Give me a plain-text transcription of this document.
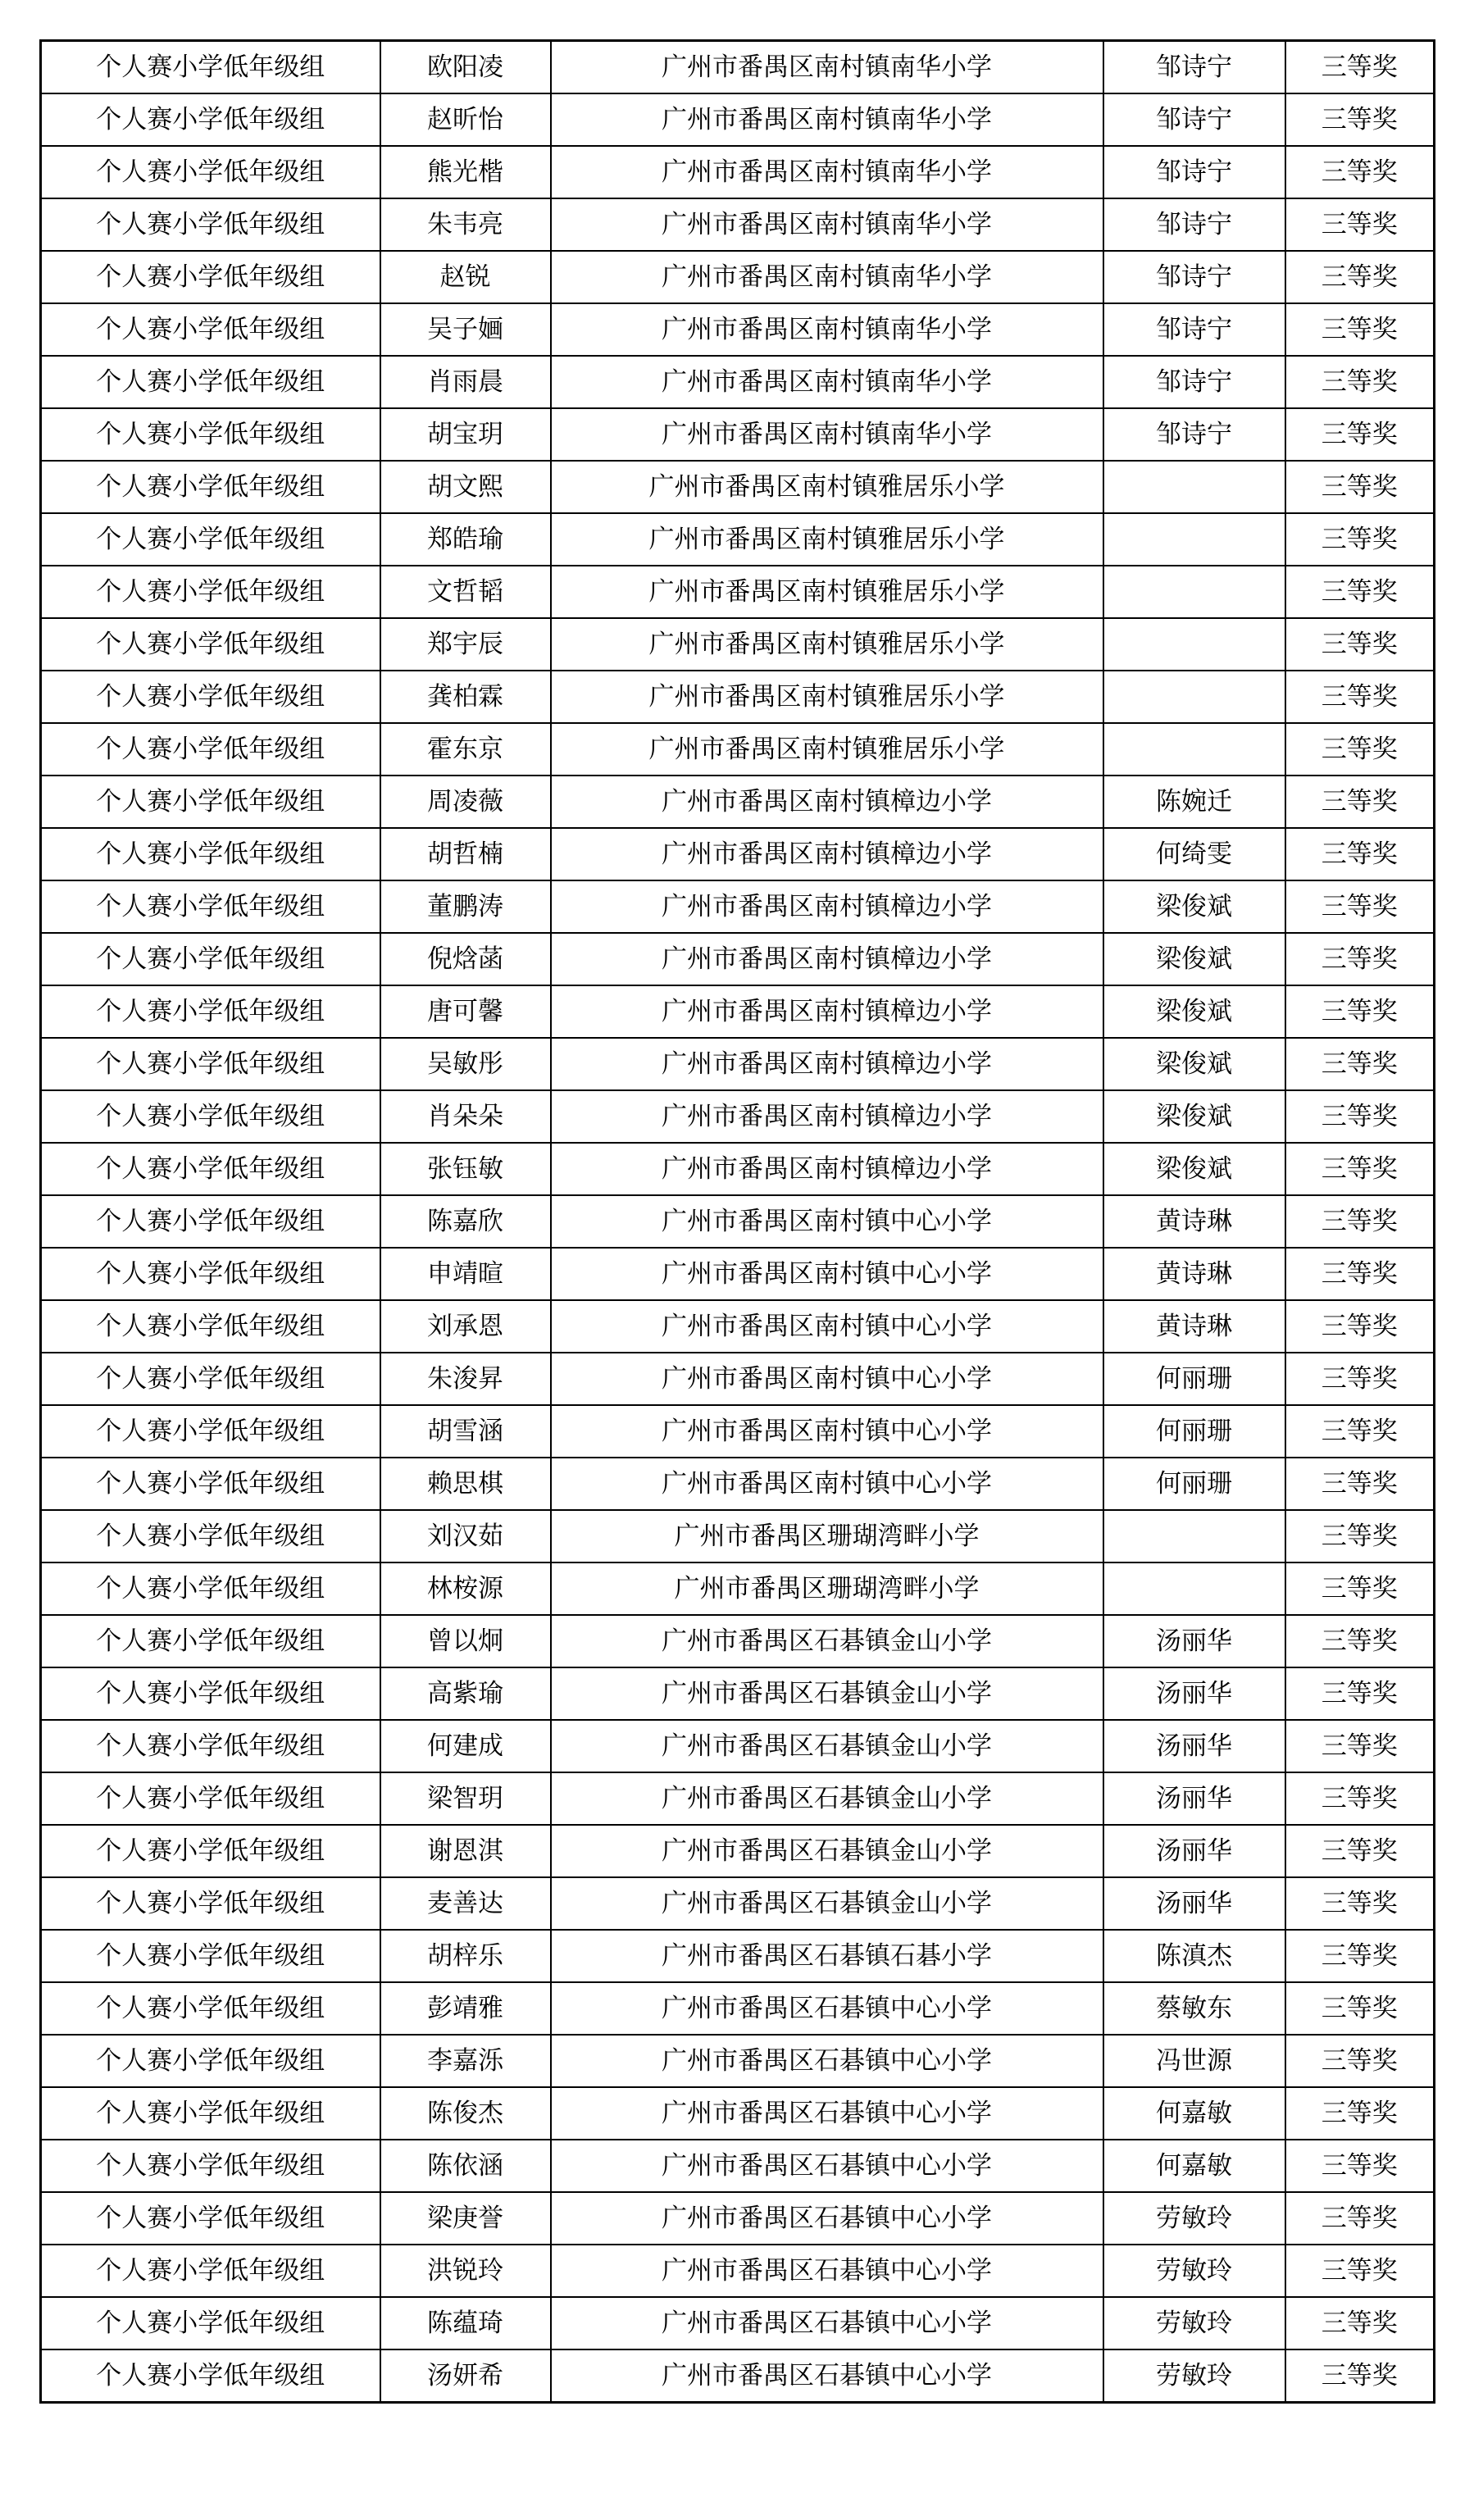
个人赛小学低年级组	欧阳凌	广州市番禺区南村镇南华小学	邹诗宁	三等奖
个人赛小学低年级组	赵昕怡	广州市番禺区南村镇南华小学	邹诗宁	三等奖
个人赛小学低年级组	熊光楷	广州市番禺区南村镇南华小学	邹诗宁	三等奖
个人赛小学低年级组	朱韦亮	广州市番禺区南村镇南华小学	邹诗宁	三等奖
个人赛小学低年级组	赵锐	广州市番禺区南村镇南华小学	邹诗宁	三等奖
个人赛小学低年级组	吴子婳	广州市番禺区南村镇南华小学	邹诗宁	三等奖
个人赛小学低年级组	肖雨晨	广州市番禺区南村镇南华小学	邹诗宁	三等奖
个人赛小学低年级组	胡宝玥	广州市番禺区南村镇南华小学	邹诗宁	三等奖
个人赛小学低年级组	胡文熙	广州市番禺区南村镇雅居乐小学		三等奖
个人赛小学低年级组	郑皓瑜	广州市番禺区南村镇雅居乐小学		三等奖
个人赛小学低年级组	文哲韬	广州市番禺区南村镇雅居乐小学		三等奖
个人赛小学低年级组	郑宇辰	广州市番禺区南村镇雅居乐小学		三等奖
个人赛小学低年级组	龚柏霖	广州市番禺区南村镇雅居乐小学		三等奖
个人赛小学低年级组	霍东京	广州市番禺区南村镇雅居乐小学		三等奖
个人赛小学低年级组	周凌薇	广州市番禺区南村镇樟边小学	陈婉迁	三等奖
个人赛小学低年级组	胡哲楠	广州市番禺区南村镇樟边小学	何绮雯	三等奖
个人赛小学低年级组	董鹏涛	广州市番禺区南村镇樟边小学	梁俊斌	三等奖
个人赛小学低年级组	倪焓菡	广州市番禺区南村镇樟边小学	梁俊斌	三等奖
个人赛小学低年级组	唐可馨	广州市番禺区南村镇樟边小学	梁俊斌	三等奖
个人赛小学低年级组	吴敏彤	广州市番禺区南村镇樟边小学	梁俊斌	三等奖
个人赛小学低年级组	肖朵朵	广州市番禺区南村镇樟边小学	梁俊斌	三等奖
个人赛小学低年级组	张钰敏	广州市番禺区南村镇樟边小学	梁俊斌	三等奖
个人赛小学低年级组	陈嘉欣	广州市番禺区南村镇中心小学	黄诗琳	三等奖
个人赛小学低年级组	申靖暄	广州市番禺区南村镇中心小学	黄诗琳	三等奖
个人赛小学低年级组	刘承恩	广州市番禺区南村镇中心小学	黄诗琳	三等奖
个人赛小学低年级组	朱浚昇	广州市番禺区南村镇中心小学	何丽珊	三等奖
个人赛小学低年级组	胡雪涵	广州市番禺区南村镇中心小学	何丽珊	三等奖
个人赛小学低年级组	赖思棋	广州市番禺区南村镇中心小学	何丽珊	三等奖
个人赛小学低年级组	刘汉茹	广州市番禺区珊瑚湾畔小学		三等奖
个人赛小学低年级组	林桉源	广州市番禺区珊瑚湾畔小学		三等奖
个人赛小学低年级组	曾以炯	广州市番禺区石碁镇金山小学	汤丽华	三等奖
个人赛小学低年级组	高紫瑜	广州市番禺区石碁镇金山小学	汤丽华	三等奖
个人赛小学低年级组	何建成	广州市番禺区石碁镇金山小学	汤丽华	三等奖
个人赛小学低年级组	梁智玥	广州市番禺区石碁镇金山小学	汤丽华	三等奖
个人赛小学低年级组	谢恩淇	广州市番禺区石碁镇金山小学	汤丽华	三等奖
个人赛小学低年级组	麦善达	广州市番禺区石碁镇金山小学	汤丽华	三等奖
个人赛小学低年级组	胡梓乐	广州市番禺区石碁镇石碁小学	陈滇杰	三等奖
个人赛小学低年级组	彭靖雅	广州市番禺区石碁镇中心小学	蔡敏东	三等奖
个人赛小学低年级组	李嘉泺	广州市番禺区石碁镇中心小学	冯世源	三等奖
个人赛小学低年级组	陈俊杰	广州市番禺区石碁镇中心小学	何嘉敏	三等奖
个人赛小学低年级组	陈依涵	广州市番禺区石碁镇中心小学	何嘉敏	三等奖
个人赛小学低年级组	梁庚誉	广州市番禺区石碁镇中心小学	劳敏玲	三等奖
个人赛小学低年级组	洪锐玲	广州市番禺区石碁镇中心小学	劳敏玲	三等奖
个人赛小学低年级组	陈蕴琦	广州市番禺区石碁镇中心小学	劳敏玲	三等奖
个人赛小学低年级组	汤妍希	广州市番禺区石碁镇中心小学	劳敏玲	三等奖
